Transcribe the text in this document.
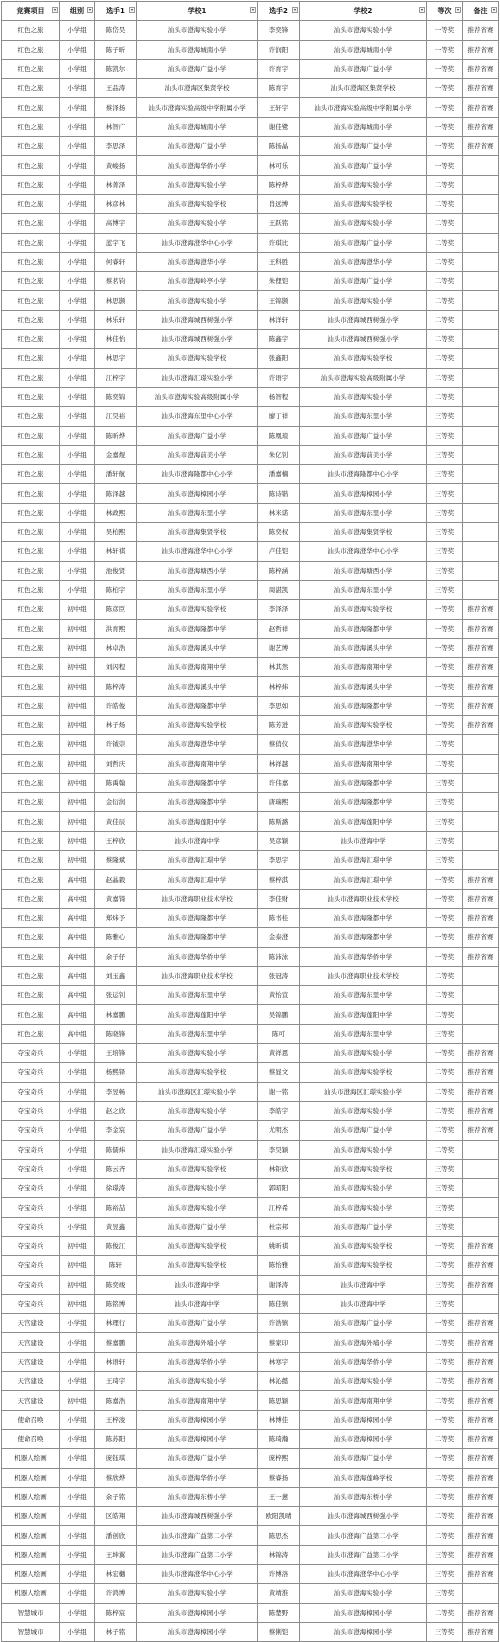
竞赛项目	组别	选手1	学校1	选手2	学校2	等次	备注

红色之旅	小学组	陈岱昊	汕头市澄海实验小学	李奕锋	汕头市澄海实验小学	一等奖	推荐省赛
红色之旅	小学组	陈子昕	汕头市澄海城南小学	许润阳	汕头市澄海城南小学	一等奖	推荐省赛
红色之旅	小学组	陈凯尔	汕头市澄海广益小学	许育宇	汕头市澄海广益小学	一等奖	推荐省赛
红色之旅	小学组	王品涛	汕头市澄海区集贤学校	陈育宇	汕头市澄海区集贤学校	一等奖	推荐省赛
红色之旅	小学组	蔡泽扬	汕头市澄海实验高级中学附属小学	王轩宇	汕头市澄海实验高级中学附属小学	一等奖	推荐省赛
红色之旅	小学组	林智广	汕头市澄海城南小学	谢佳鹭	汕头市澄海城南小学	一等奖	推荐省赛
红色之旅	小学组	李思泽	汕头市澄海广益小学	陈扬晶	汕头市澄海广益小学	一等奖	推荐省赛
红色之旅	小学组	黄峻扬	汕头市澄海华侨小学	林可乐	汕头市澄海广益小学	一等奖	
红色之旅	小学组	林菁泽	汕头市澄海实验小学	陈梓烨	汕头市澄海实验小学	二等奖	
红色之旅	小学组	林彦林	汕头市澄海实验学校	肖远博	汕头市澄海实验学校	二等奖	
红色之旅	小学组	高博宇	汕头市澄海实验小学	王跃铭	汕头市澄海实验小学	二等奖	
红色之旅	小学组	蓝宇飞	汕头市澄海澄华中心小学	许琪比	汕头市澄海广益小学	二等奖	
红色之旅	小学组	何睿轩	汕头市澄海澄华小学	王科胜	汕头市澄海澄华小学	二等奖	
红色之旅	小学组	蔡茗钧	汕头市澄海岭亭小学	朱俚铠	汕头市澄海广益小学	二等奖	
红色之旅	小学组	林思颢	汕头市澄海实验小学	王锦颢	汕头市澄海实验小学	二等奖	
红色之旅	小学组	林乐轩	汕头市澄海城西树强小学	林洋轩	汕头市澄海城西树强小学	二等奖	
红色之旅	小学组	林佳怡	汕头市澄海城西树强小学	陈鑫宇	汕头市澄海城西树强小学	二等奖	
红色之旅	小学组	林思宇	汕头市澄海实验学校	张鑫阳	汕头市澄海实验学校	二等奖	
红色之旅	小学组	江梓宇	汕头市澄海汇璟实验小学	许语宇	汕头市澄海实验高级附属小学	二等奖	
红色之旅	小学组	陈奕锦	汕头市澄海实验高级附属小学	杨智程	汕头市澄海实验小学	二等奖	
红色之旅	小学组	江昊裕	汕头市澄海东里中心小学	廖丁祥	汕头市澄海东里小学	三等奖	
红色之旅	小学组	陈昕烨	汕头市澄海广益小学	陈凰瑄	汕头市澄海广益小学	三等奖	
红色之旅	小学组	金嘉煜	汕头市澄海前美小学	朱亿钊	汕头市澄海前美小学	三等奖	
红色之旅	小学组	潘轩航	汕头市澄海隆都中心小学	潘嘉楠	汕头市澄海隆都中心小学	三等奖	
红色之旅	小学组	陈泽越	汕头市澄海樟园小学	陈诗锴	汕头市澄海樟园小学	三等奖	
红色之旅	小学组	林政熙	汕头市澄海东里小学	林米诺	汕头市澄海东里小学	三等奖	
红色之旅	小学组	吴柏熙	汕头市澄海集贤学校	陈奕权	汕头市澄海集贤学校	三等奖	
红色之旅	小学组	林轩祺	汕头市澄海澄华中心小学	卢佳铠	汕头市澄海澄华中心小学	三等奖	
红色之旅	小学组	池俊贤	汕头市澄海塘西小学	陈梓涵	汕头市澄海塘西小学	三等奖	
红色之旅	小学组	陈柏宇	汕头市澄海东里小学	周湛凯	汕头市澄海东里小学	三等奖	
红色之旅	初中组	陈彦臣	汕头市澄海实验学校	李泽泽	汕头市澄海实验学校	一等奖	推荐省赛
红色之旅	初中组	洪育熙	汕头市澄海隆都中学	赵哲祥	汕头市澄海隆都中学	一等奖	推荐省赛
红色之旅	初中组	林卓浩	汕头市澄海溪头中学	谢艺博	汕头市澄海溪头中学	一等奖	推荐省赛
红色之旅	初中组	刘闪程	汕头市澄海南翔中学	林其然	汕头市澄海南翔中学	一等奖	推荐省赛
红色之旅	初中组	陈梓涛	汕头市澄海溪头中学	林梓炜	汕头市澄海溪头中学	一等奖	推荐省赛
红色之旅	初中组	许皓俊	汕头市澄海隆都中学	李思如	汕头市澄海隆都中学	一等奖	推荐省赛
红色之旅	初中组	林子炀	汕头市澄海实验学校	陈芳进	汕头市澄海实验学校	一等奖	推荐省赛
红色之旅	初中组	许钺崇	汕头市澄海澄华中学	蔡俏仪	汕头市澄海澄华中学	二等奖	
红色之旅	初中组	刘哲庆	汕头市澄海南翔中学	林祥越	汕头市澄海南翔中学	二等奖	
红色之旅	初中组	陈禹翰	汕头市澄海隆都中学	许伟嘉	汕头市澄海隆都中学	三等奖	
红色之旅	初中组	金衍润	汕头市澄海隆都中学	唐瑞熙	汕头市澄海隆都中学	三等奖	
红色之旅	初中组	黄佳辰	汕头市澄海莲阳中学	陈斯潞	汕头市澄海莲阳中学	三等奖	
红色之旅	初中组	王梓欣	汕头市澄海中学	吴彦颖	汕头市澄海中学	三等奖	
红色之旅	初中组	蔡隆斌	汕头市澄海汇璟中学	李思宇	汕头市澄海汇璟中学	三等奖	
红色之旅	高中组	赵晶毅	汕头市澄海汇璟中学	蔡梓淇	汕头市澄海汇璟中学	一等奖	推荐省赛
红色之旅	高中组	黄嘉锜	汕头市澄海职业技术学校	李佳财	汕头市澄海职业技术学校	一等奖	推荐省赛
红色之旅	高中组	郑炜予	汕头市澄海隆都中学	陈书桂	汕头市澄海隆都中学	一等奖	推荐省赛
红色之旅	高中组	陈雅心	汕头市澄海隆都中学	金泰澄	汕头市澄海隆都中学	一等奖	推荐省赛
红色之旅	高中组	余子仔	汕头市澄海华侨中学	陈沛泳	汕头市澄海华侨中学	一等奖	推荐省赛
红色之旅	高中组	刘玉鑫	汕头市澄海职业技术学校	张冠涛	汕头市澄海职业技术学校	二等奖	
红色之旅	高中组	张运钊	汕头市澄海东里中学	黄怡宣	汕头市澄海东里中学	二等奖	
红色之旅	高中组	林嘉鹏	汕头市澄海莲阳中学	吴锦鹏	汕头市澄海莲阳中学	二等奖	
红色之旅	高中组	陈晓锋	汕头市澄海东里中学	陈可	汕头市澄海东里中学	三等奖	
夺宝奇兵	小学组	王培锋	汕头市澄海实验小学	黄祥恩	汕头市澄海实验小学	一等奖	推荐省赛
夺宝奇兵	小学组	杨熙铎	汕头市澄海实验学校	蔡显文	汕头市澄海实验学校	二等奖	推荐省赛
夺宝奇兵	小学组	李昱畅	汕头市澄海区汇璟实验小学	谢一铭	汕头市澄海区汇璟实验小学	二等奖	推荐省赛
夺宝奇兵	小学组	赵之欣	汕头市澄海实验小学	李皓宇	汕头市澄海实验小学	二等奖	推荐省赛
夺宝奇兵	小学组	李金宸	汕头市澄海广益小学	尤明杰	汕头市澄海广益小学	二等奖	推荐省赛
夺宝奇兵	小学组	陈儒炜	汕头市澄海汇璟实验小学	李昊颖	汕头市澄海实验小学	二等奖	
夺宝奇兵	小学组	陈云齐	汕头市澄海实验学校	林钜欣	汕头市澄海实验学校	三等奖	
夺宝奇兵	小学组	徐璟涛	汕头市澄海实验小学	郭昭阳	汕头市澄海实验小学	三等奖	
夺宝奇兵	小学组	陈裕喆	汕头市澄海实验小学	江梓希	汕头市澄海实验小学	三等奖	
夺宝奇兵	小学组	黄昱鑫	汕头市澄海广益小学	杜宗邦	汕头市澄海广益小学	三等奖	
夺宝奇兵	初中组	陈俊江	汕头市澄海实验学校	姚昕祺	汕头市澄海实验学校	一等奖	推荐省赛
夺宝奇兵	初中组	陈轩	汕头市澄海实验学校	陈怡雅	汕头市澄海实验学校	二等奖	推荐省赛
夺宝奇兵	初中组	陈奕竣	汕头市澄海中学	谢泽涛	汕头市澄海中学	三等奖	推荐省赛
夺宝奇兵	初中组	陈铭博	汕头市澄海中学	陈佳镇	汕头市澄海中学	三等奖	
天宫建设	小学组	林理行	汕头市澄海广益小学	许浩镇	汕头市澄海广益小学	一等奖	推荐省赛
天宫建设	小学组	蔡嘉鹏	汕头市澄海外埔小学	蔡家印	汕头市澄海外埔小学	二等奖	推荐省赛
天宫建设	小学组	林语轩	汕头市澄海华侨小学	林寒宇	汕头市澄海华侨小学	二等奖	推荐省赛
天宫建设	小学组	王琦宇	汕头市澄海实验小学	林沁懿	汕头市澄海实验小学	二等奖	推荐省赛
天宫建设	初中组	陈嘉浩	汕头市澄海南翔中学	陈思颖	汕头市澄海南翔中学	二等奖	推荐省赛
使命召唤	小学组	王梓浚	汕头市澄海樟园小学	林博佳	汕头市澄海樟园小学	一等奖	推荐省赛
使命召唤	小学组	陈苏阳	汕头市澄海樟园小学	陈琦瀚	汕头市澄海樟园小学	二等奖	推荐省赛
机器人绘画	小学组	庞钰琪	汕头市澄海广益小学	庞梓熙	汕头市澄海广益小学	一等奖	推荐省赛
机器人绘画	小学组	蔡欣烨	汕头市澄海华侨小学	蔡睿扬	汕头市澄海莲峰学校	二等奖	推荐省赛
机器人绘画	小学组	余子铭	汕头市澄海东桥小学	王一蒽	汕头市澄海东桥小学	二等奖	推荐省赛
机器人绘画	小学组	区皓翔	汕头市澄海城西树强小学	欧阳凯晴	汕头市澄海城西树强小学	二等奖	推荐省赛
机器人绘画	小学组	潘创欣	汕头市澄海广益第二小学	陈思杰	汕头市澄海广益第二小学	二等奖	推荐省赛
机器人绘画	小学组	王坤翼	汕头市澄海广益第二小学	林锦涛	汕头市澄海广益第二小学	三等奖	推荐省赛
机器人绘画	小学组	林宏樾	汕头市澄海澄华中心小学	许博洛	汕头市澄海澄华中心小学	三等奖	推荐省赛
机器人绘画	小学组	许鸿博	汕头市澄海实验小学	黄靖淮	汕头市澄海实验小学	三等奖	
智慧城市	小学组	陈梓宸	汕头市澄海樟园小学	陈楚野	汕头市澄海樟园小学	二等奖	推荐省赛
智慧城市	小学组	林子铭	汕头市澄海樟园小学	蔡俐铠	汕头市澄海樟园小学	三等奖	推荐省赛
